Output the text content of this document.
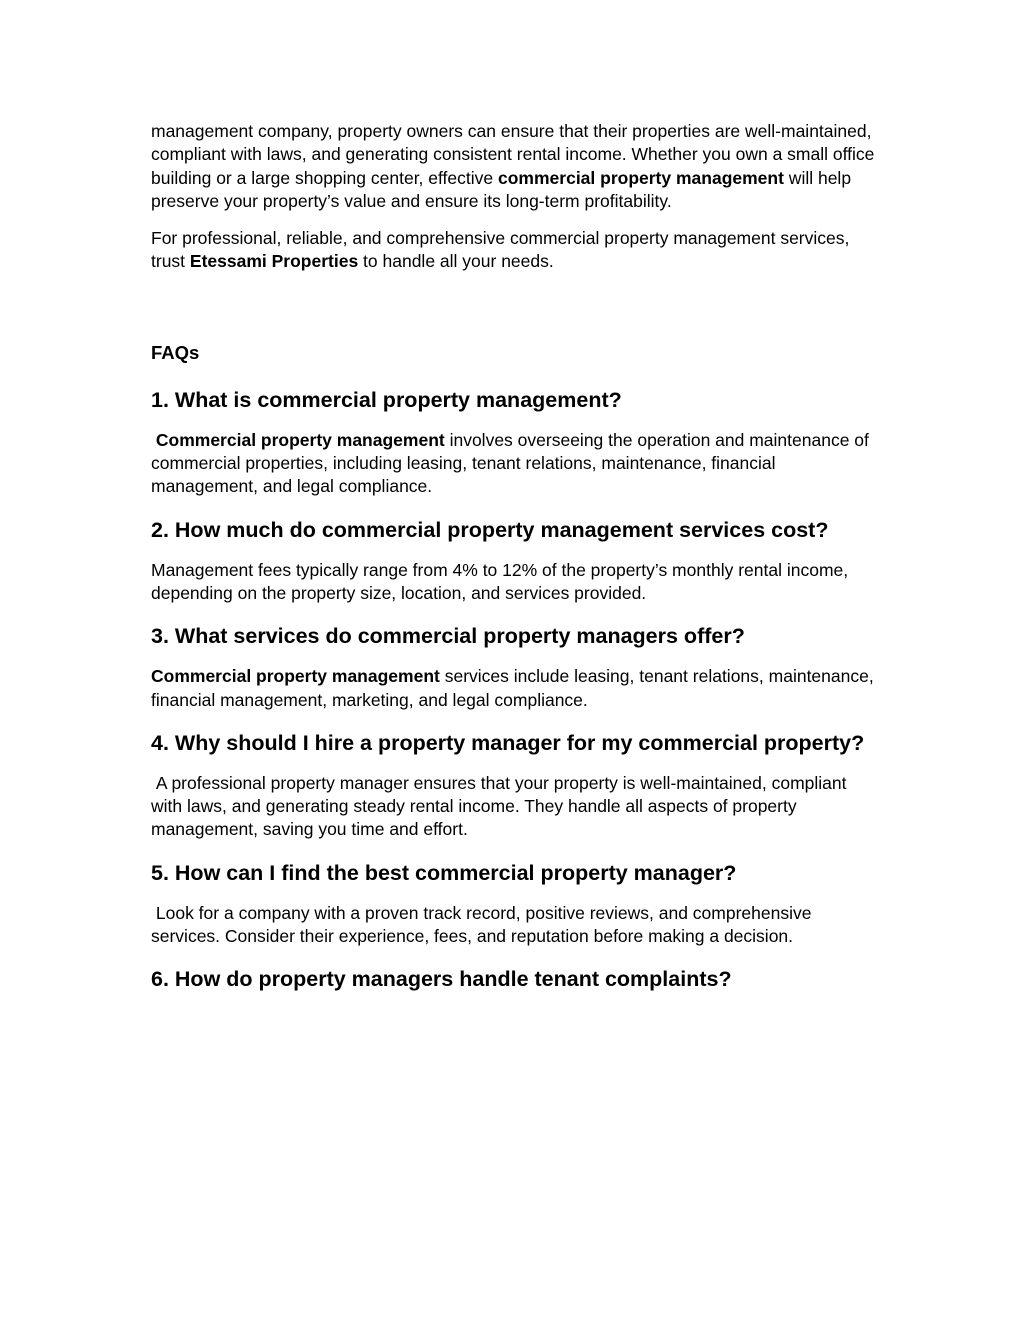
management company, property owners can ensure that their properties are well-maintained, compliant with laws, and generating consistent rental income. Whether you own a small office building or a large shopping center, effective commercial property management will help preserve your property’s value and ensure its long-term profitability.

For professional, reliable, and comprehensive commercial property management services, trust Etessami Properties to handle all your needs.

FAQs
1. What is commercial property management?

Commercial property management involves overseeing the operation and maintenance of commercial properties, including leasing, tenant relations, maintenance, financial management, and legal compliance.

2. How much do commercial property management services cost?

Management fees typically range from 4% to 12% of the property’s monthly rental income, depending on the property size, location, and services provided.

3. What services do commercial property managers offer?

Commercial property management services include leasing, tenant relations, maintenance, financial management, marketing, and legal compliance.

4. Why should I hire a property manager for my commercial property?

A professional property manager ensures that your property is well-maintained, compliant with laws, and generating steady rental income. They handle all aspects of property management, saving you time and effort.

5. How can I find the best commercial property manager?

Look for a company with a proven track record, positive reviews, and comprehensive services. Consider their experience, fees, and reputation before making a decision.

6. How do property managers handle tenant complaints?
